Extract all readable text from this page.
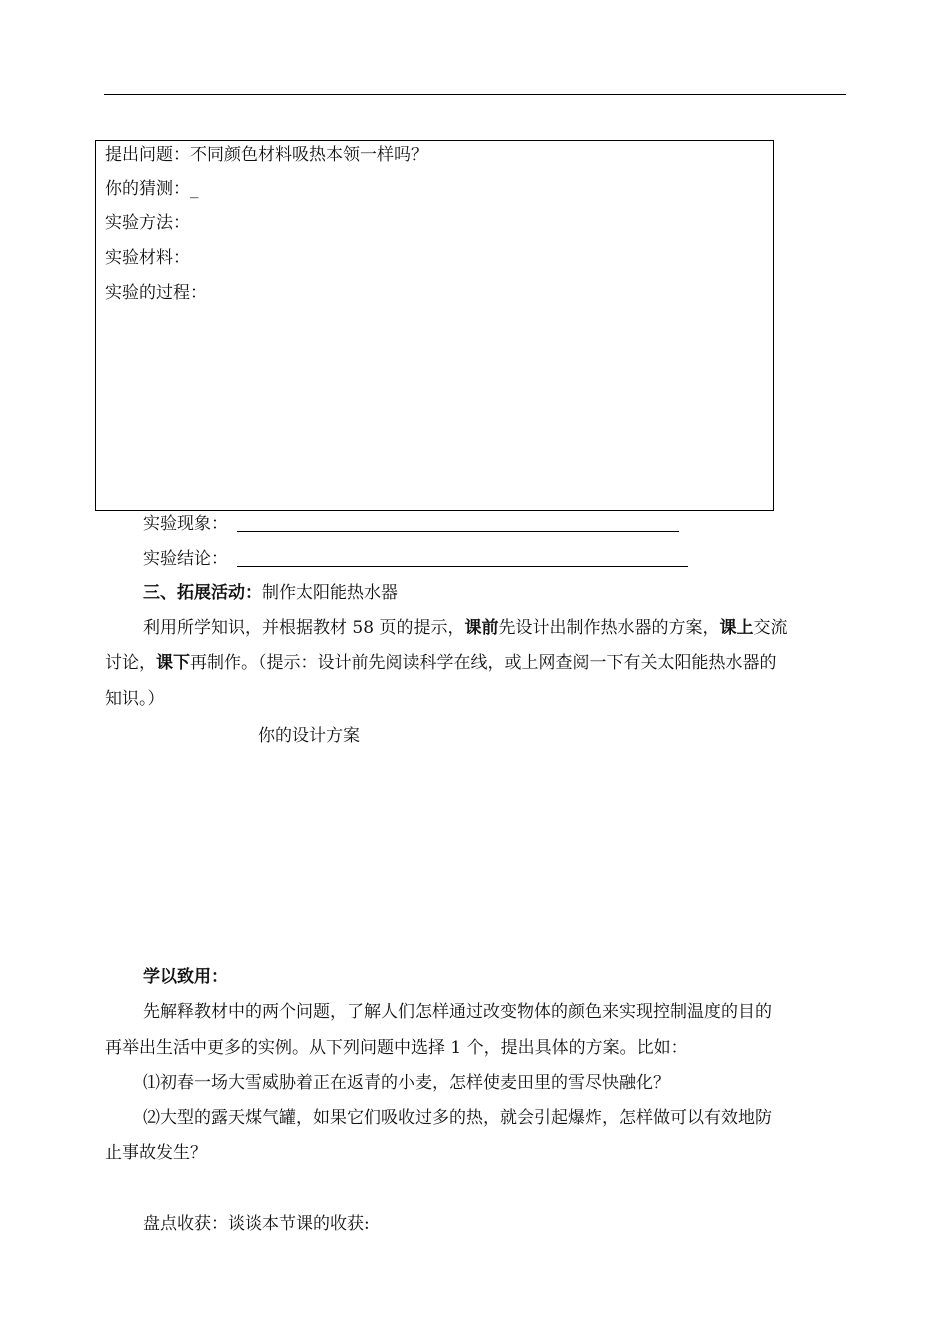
提出问题：不同颜色材料吸热本领一样吗？
你的猜测：_
实验方法：
实验材料：
实验的过程：
实验现象：
实验结论：
三、拓展活动：制作太阳能热水器
利用所学知识，并根据教材 58 页的提示，课前先设计出制作热水器的方案，课上交流
讨论，课下再制作。（提示：设计前先阅读科学在线，或上网查阅一下有关太阳能热水器的
知识。）
你的设计方案
学以致用：
先解释教材中的两个问题，了解人们怎样通过改变物体的颜色来实现控制温度的目的
再举出生活中更多的实例。从下列问题中选择 1 个，提出具体的方案。比如：
⑴初春一场大雪威胁着正在返青的小麦，怎样使麦田里的雪尽快融化？
⑵大型的露天煤气罐，如果它们吸收过多的热，就会引起爆炸，怎样做可以有效地防
止事故发生？
盘点收获：谈谈本节课的收获:
